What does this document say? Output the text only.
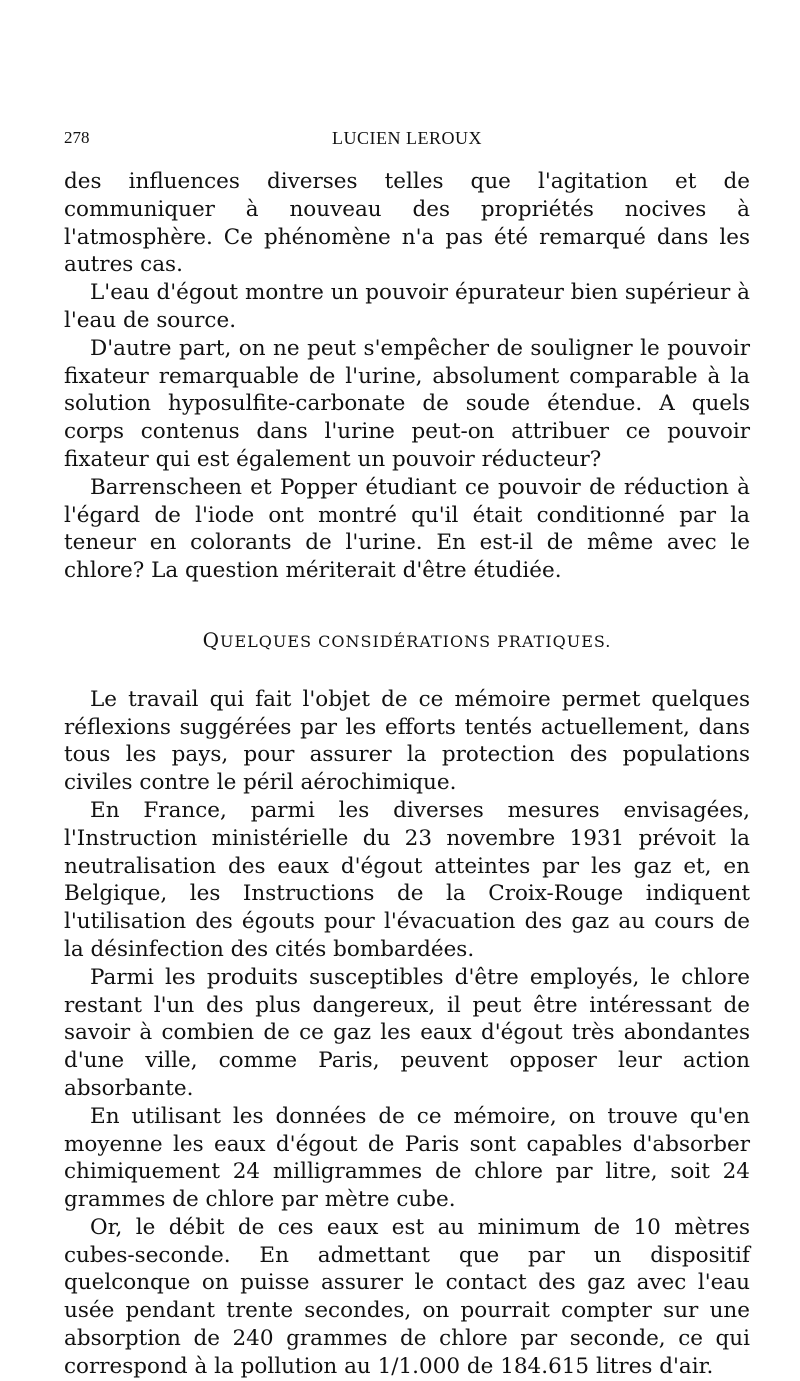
278	LUCIEN LEROUX

des influences diverses telles que l'agitation et de communiquer à nouveau des propriétés nocives à l'atmosphère. Ce phénomène n'a pas été remarqué dans les autres cas.

L'eau d'égout montre un pouvoir épurateur bien supérieur à l'eau de source.

D'autre part, on ne peut s'empêcher de souligner le pouvoir fixateur remarquable de l'urine, absolument comparable à la solution hyposulfite-carbonate de soude étendue. A quels corps contenus dans l'urine peut-on attribuer ce pouvoir fixateur qui est également un pouvoir réducteur?

Barrenscheen et Popper étudiant ce pouvoir de réduction à l'égard de l'iode ont montré qu'il était conditionné par la teneur en colorants de l'urine. En est-il de même avec le chlore? La question mériterait d'être étudiée.

QUELQUES CONSIDÉRATIONS PRATIQUES.

Le travail qui fait l'objet de ce mémoire permet quelques réflexions suggérées par les efforts tentés actuellement, dans tous les pays, pour assurer la protection des populations civiles contre le péril aérochimique.

En France, parmi les diverses mesures envisagées, l'Instruction ministérielle du 23 novembre 1931 prévoit la neutralisation des eaux d'égout atteintes par les gaz et, en Belgique, les Instructions de la Croix-Rouge indiquent l'utilisation des égouts pour l'évacuation des gaz au cours de la désinfection des cités bombardées.

Parmi les produits susceptibles d'être employés, le chlore restant l'un des plus dangereux, il peut être intéressant de savoir à combien de ce gaz les eaux d'égout très abondantes d'une ville, comme Paris, peuvent opposer leur action absorbante.

En utilisant les données de ce mémoire, on trouve qu'en moyenne les eaux d'égout de Paris sont capables d'absorber chimiquement 24 milligrammes de chlore par litre, soit 24 grammes de chlore par mètre cube.

Or, le débit de ces eaux est au minimum de 10 mètres cubes-seconde. En admettant que par un dispositif quelconque on puisse assurer le contact des gaz avec l'eau usée pendant trente secondes, on pourrait compter sur une absorption de 240 grammes de chlore par seconde, ce qui correspond à la pollution au 1/1.000 de 184.615 litres d'air.
